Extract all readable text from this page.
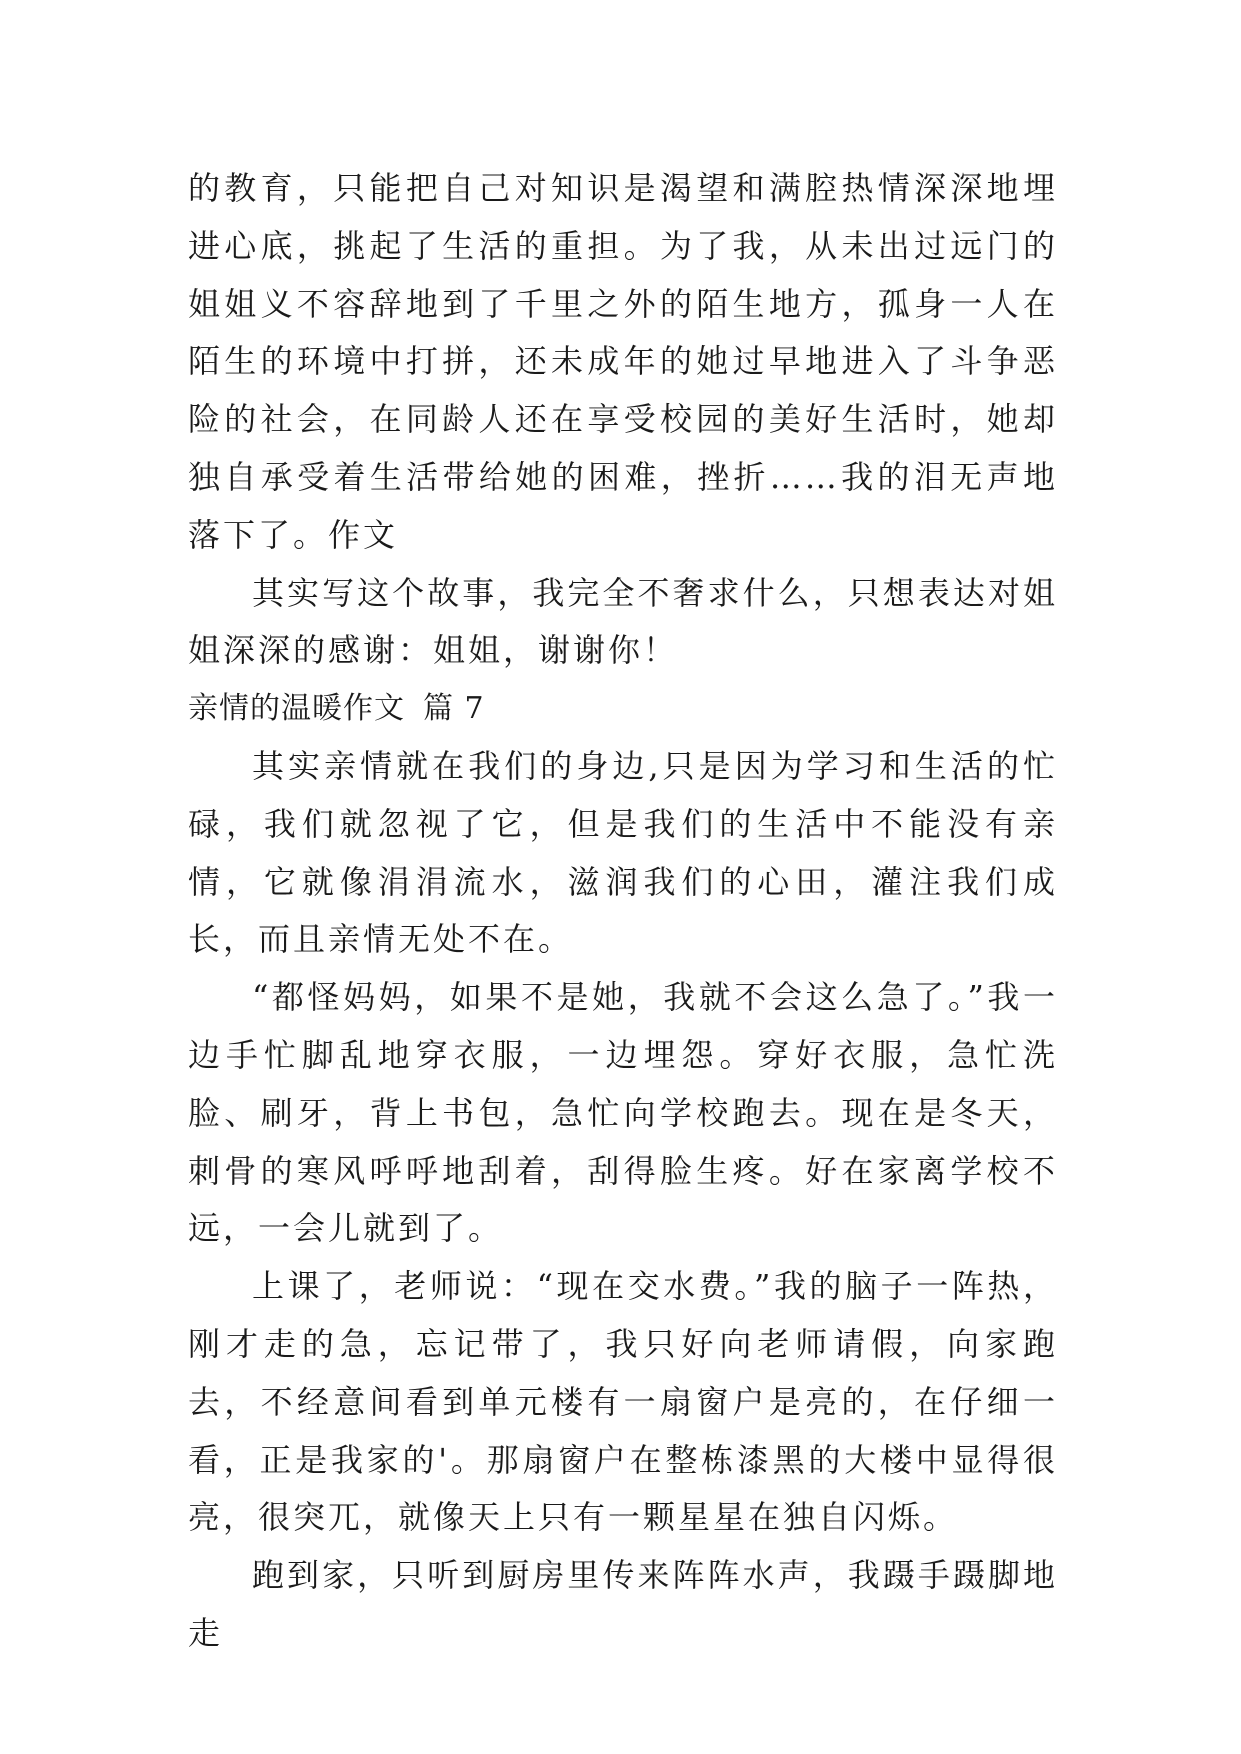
的教育，只能把自己对知识是渴望和满腔热情深深地埋进心底，挑起了生活的重担。为了我，从未出过远门的姐姐义不容辞地到了千里之外的陌生地方，孤身一人在陌生的环境中打拼，还未成年的她过早地进入了斗争恶险的社会，在同龄人还在享受校园的美好生活时，她却独自承受着生活带给她的困难，挫折……我的泪无声地落下了。作文

其实写这个故事，我完全不奢求什么，只想表达对姐姐深深的感谢：姐姐，谢谢你！

亲情的温暖作文 篇 7

其实亲情就在我们的身边,只是因为学习和生活的忙碌，我们就忽视了它，但是我们的生活中不能没有亲情，它就像涓涓流水，滋润我们的心田，灌注我们成长，而且亲情无处不在。

“都怪妈妈，如果不是她，我就不会这么急了。”我一边手忙脚乱地穿衣服，一边埋怨。穿好衣服，急忙洗脸、刷牙，背上书包，急忙向学校跑去。现在是冬天，刺骨的寒风呼呼地刮着，刮得脸生疼。好在家离学校不远，一会儿就到了。

上课了，老师说：“现在交水费。”我的脑子一阵热，刚才走的急，忘记带了，我只好向老师请假，向家跑去，不经意间看到单元楼有一扇窗户是亮的，在仔细一看，正是我家的'。那扇窗户在整栋漆黑的大楼中显得很亮，很突兀，就像天上只有一颗星星在独自闪烁。

跑到家，只听到厨房里传来阵阵水声，我蹑手蹑脚地走
